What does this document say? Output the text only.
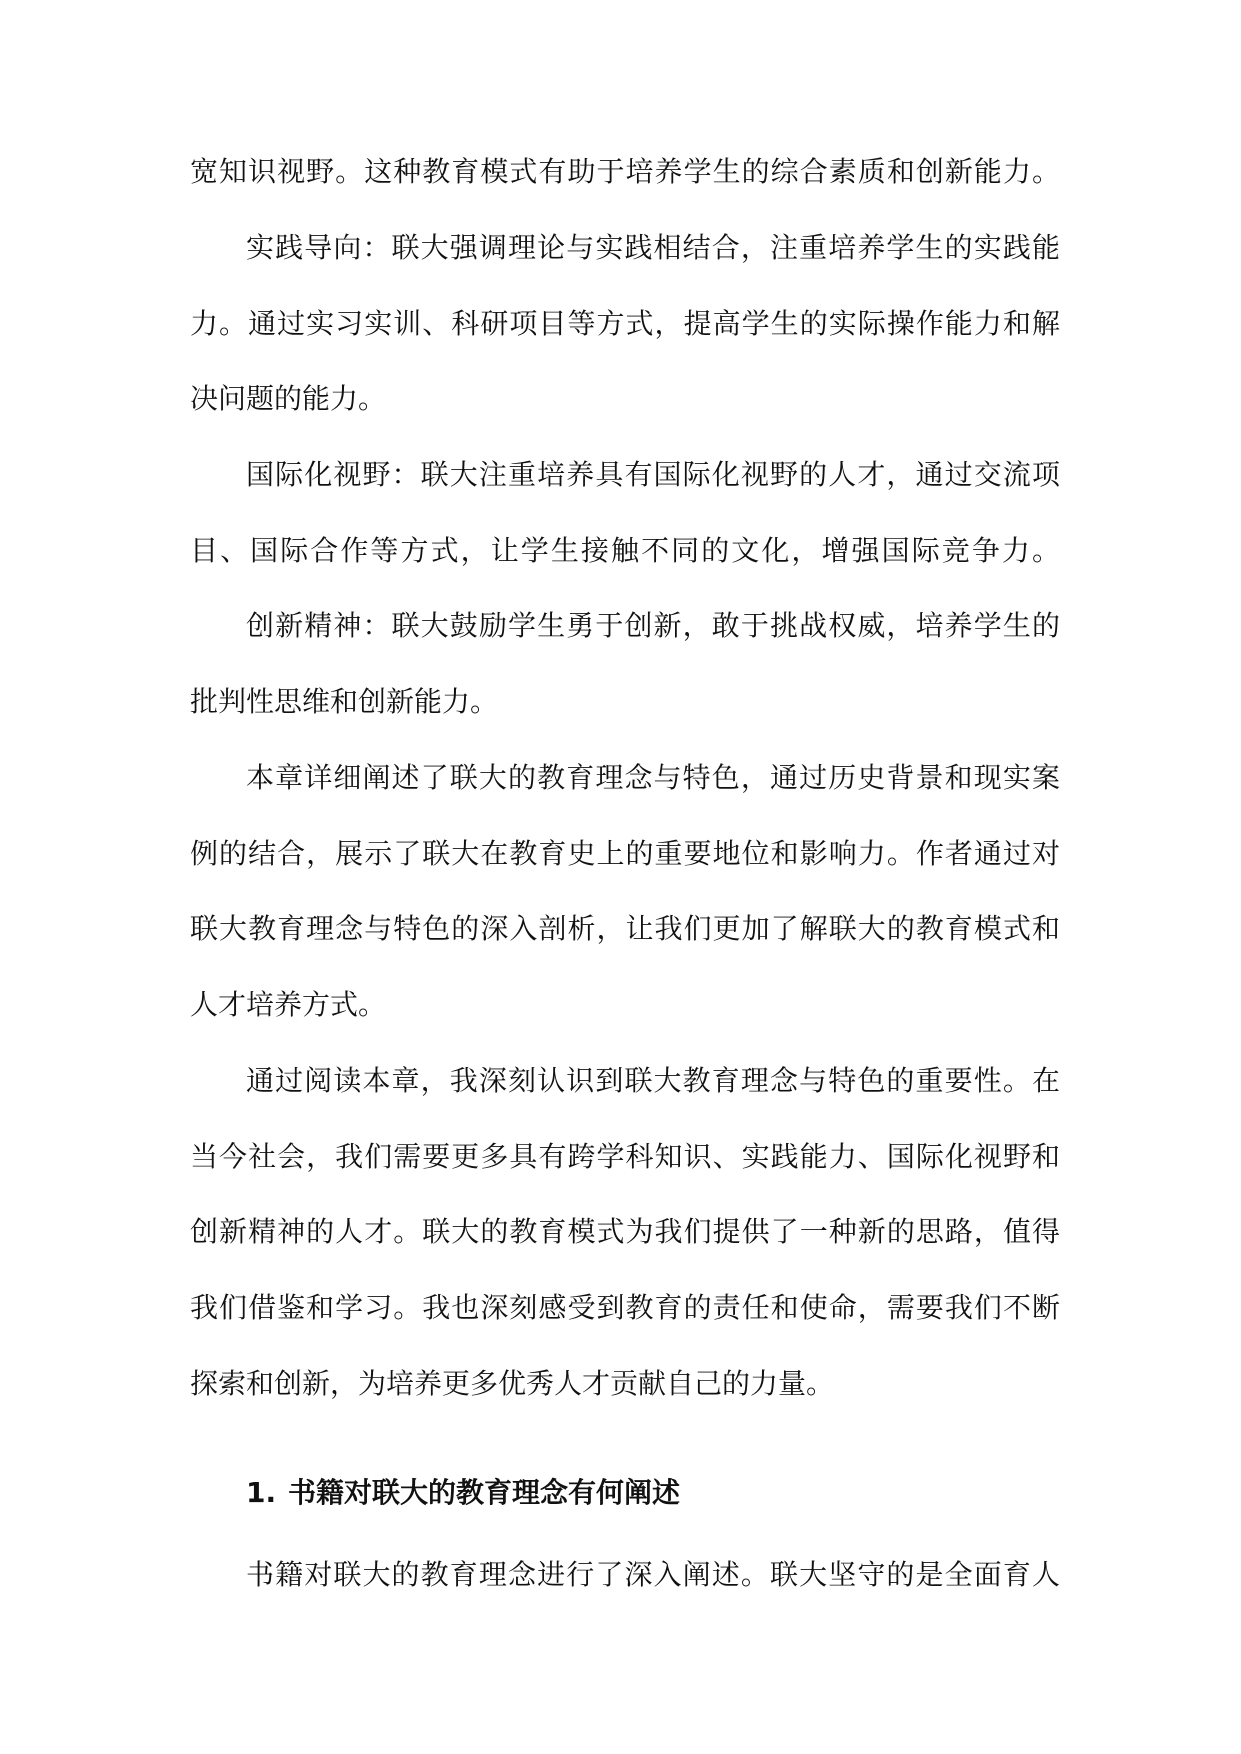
宽知识视野。这种教育模式有助于培养学生的综合素质和创新能力。
实践导向：联大强调理论与实践相结合，注重培养学生的实践能
力。通过实习实训、科研项目等方式，提高学生的实际操作能力和解
决问题的能力。
国际化视野：联大注重培养具有国际化视野的人才，通过交流项
目、国际合作等方式，让学生接触不同的文化，增强国际竞争力。
创新精神：联大鼓励学生勇于创新，敢于挑战权威，培养学生的
批判性思维和创新能力。
本章详细阐述了联大的教育理念与特色，通过历史背景和现实案
例的结合，展示了联大在教育史上的重要地位和影响力。作者通过对
联大教育理念与特色的深入剖析，让我们更加了解联大的教育模式和
人才培养方式。
通过阅读本章，我深刻认识到联大教育理念与特色的重要性。在
当今社会，我们需要更多具有跨学科知识、实践能力、国际化视野和
创新精神的人才。联大的教育模式为我们提供了一种新的思路，值得
我们借鉴和学习。我也深刻感受到教育的责任和使命，需要我们不断
探索和创新，为培养更多优秀人才贡献自己的力量。
1. 书籍对联大的教育理念有何阐述
书籍对联大的教育理念进行了深入阐述。联大坚守的是全面育人
